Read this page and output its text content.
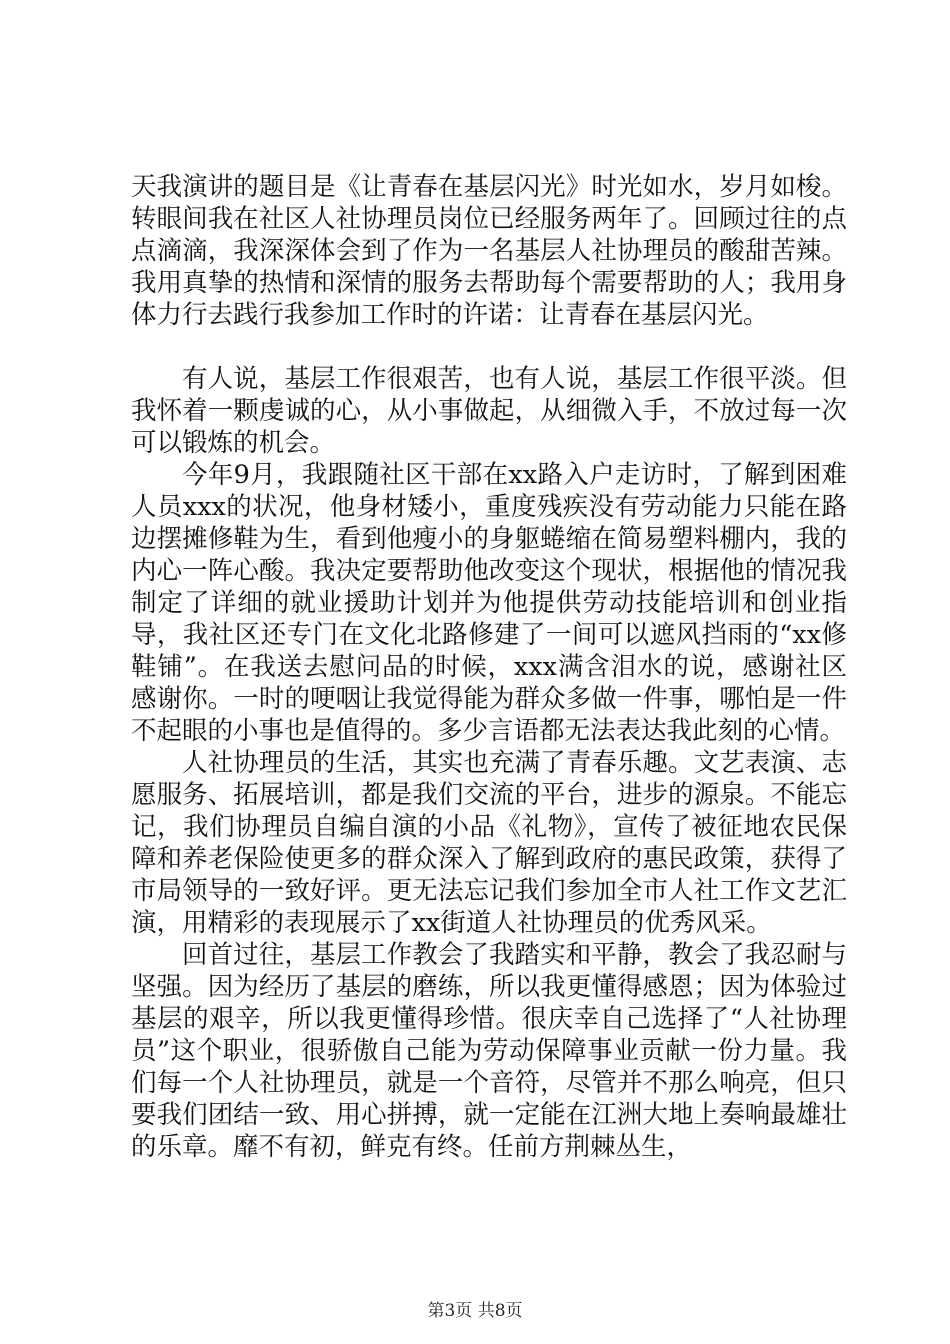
天我演讲的题目是《让青春在基层闪光》时光如水，岁月如梭。转眼间我在社区人社协理员岗位已经服务两年了。回顾过往的点点滴滴，我深深体会到了作为一名基层人社协理员的酸甜苦辣。我用真挚的热情和深情的服务去帮助每个需要帮助的人；我用身体力行去践行我参加工作时的许诺：让青春在基层闪光。

有人说，基层工作很艰苦，也有人说，基层工作很平淡。但我怀着一颗虔诚的心，从小事做起，从细微入手，不放过每一次可以锻炼的机会。

今年9月，我跟随社区干部在xx路入户走访时，了解到困难人员xxx的状况，他身材矮小，重度残疾没有劳动能力只能在路边摆摊修鞋为生，看到他瘦小的身躯蜷缩在简易塑料棚内，我的内心一阵心酸。我决定要帮助他改变这个现状，根据他的情况我制定了详细的就业援助计划并为他提供劳动技能培训和创业指导，我社区还专门在文化北路修建了一间可以遮风挡雨的“xx修鞋铺”。在我送去慰问品的时候，xxx满含泪水的说，感谢社区感谢你。一时的哽咽让我觉得能为群众多做一件事，哪怕是一件不起眼的小事也是值得的。多少言语都无法表达我此刻的心情。

人社协理员的生活，其实也充满了青春乐趣。文艺表演、志愿服务、拓展培训，都是我们交流的平台，进步的源泉。不能忘记，我们协理员自编自演的小品《礼物》，宣传了被征地农民保障和养老保险使更多的群众深入了解到政府的惠民政策，获得了市局领导的一致好评。更无法忘记我们参加全市人社工作文艺汇演，用精彩的表现展示了xx街道人社协理员的优秀风采。

回首过往，基层工作教会了我踏实和平静，教会了我忍耐与坚强。因为经历了基层的磨练，所以我更懂得感恩；因为体验过基层的艰辛，所以我更懂得珍惜。很庆幸自己选择了“人社协理员”这个职业，很骄傲自己能为劳动保障事业贡献一份力量。我们每一个人社协理员，就是一个音符，尽管并不那么响亮，但只要我们团结一致、用心拼搏，就一定能在江洲大地上奏响最雄壮的乐章。靡不有初，鲜克有终。任前方荆棘丛生，

第3页 共8页
